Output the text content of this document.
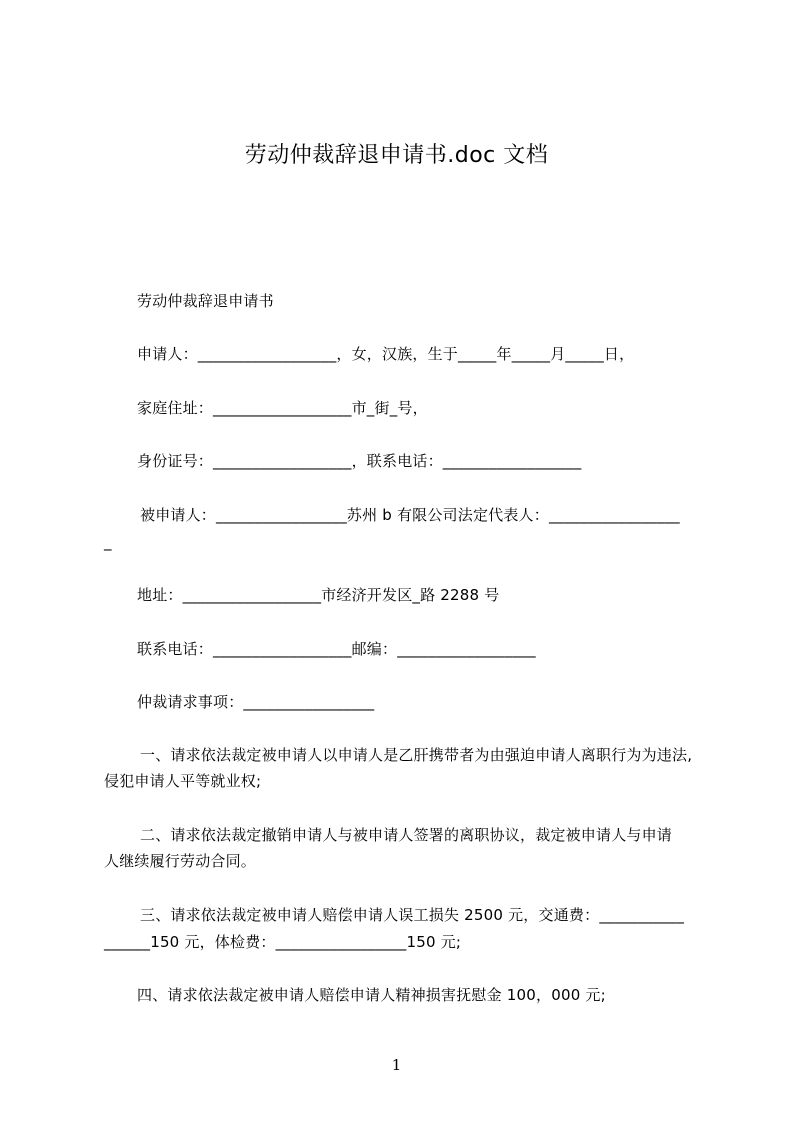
劳动仲裁辞退申请书.doc 文档
劳动仲裁辞退申请书
申请人：__________________，女，汉族，生于_____年_____月_____日，
家庭住址：__________________市_街_号，
身份证号：__________________，联系电话：__________________
被申请人：_________________苏州 b 有限公司法定代表人：_________________
_
地址：__________________市经济开发区_路 2288 号
联系电话：__________________邮编：__________________
仲裁请求事项：_________________
一、请求依法裁定被申请人以申请人是乙肝携带者为由强迫申请人离职行为为违法,
侵犯申请人平等就业权;
二、请求依法裁定撤销申请人与被申请人签署的离职协议，裁定被申请人与申请
人继续履行劳动合同。
三、请求依法裁定被申请人赔偿申请人误工损失 2500 元，交通费：___________
______150 元，体检费：_________________150 元;
四、请求依法裁定被申请人赔偿申请人精神损害抚慰金 100，000 元;
1
